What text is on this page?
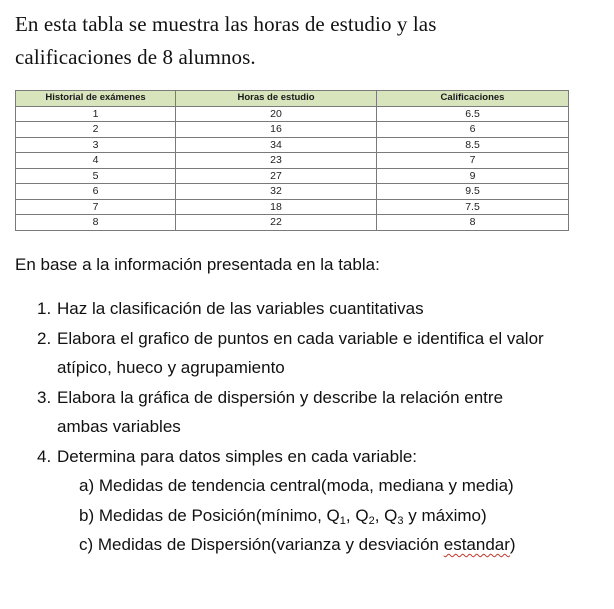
En esta tabla se muestra las horas de estudio y las
calificaciones de 8 alumnos.
Historial de exámenes	Horas de estudio	Calificaciones
1	20	6.5
2	16	6
3	34	8.5
4	23	7
5	27	9
6	32	9.5
7	18	7.5
8	22	8
En base a la información presentada en la tabla:
1. Haz la clasificación de las variables cuantitativas
2. Elabora el grafico de puntos en cada variable e identifica el valor
atípico, hueco y agrupamiento
3. Elabora la gráfica de dispersión y describe la relación entre
ambas variables
4. Determina para datos simples en cada variable:
a) Medidas de tendencia central(moda, mediana y media)
b) Medidas de Posición(mínimo, $Q_1$, $Q_2$, $Q_3$ y máximo)
c) Medidas de Dispersión(varianza y desviación estandar)
